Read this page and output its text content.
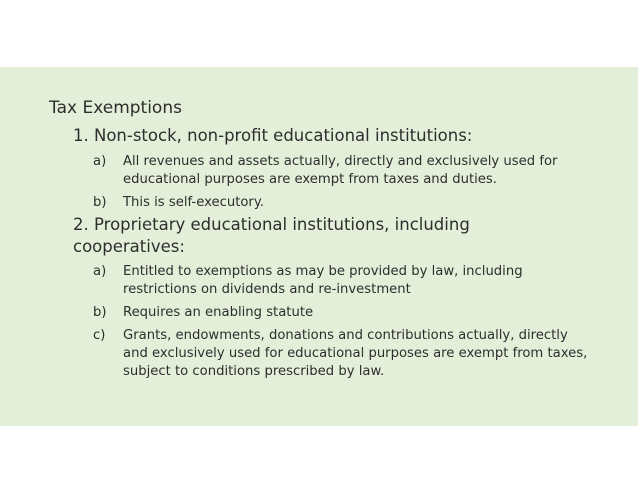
Tax Exemptions
1. Non-stock, non-profit educational institutions:
a) All revenues and assets actually, directly and exclusively used for educational purposes are exempt from taxes and duties.
b) This is self-executory.
2. Proprietary educational institutions, including cooperatives:
a) Entitled to exemptions as may be provided by law, including restrictions on dividends and re-investment
b) Requires an enabling statute
c) Grants, endowments, donations and contributions actually, directly and exclusively used for educational purposes are exempt from taxes, subject to conditions prescribed by law.
